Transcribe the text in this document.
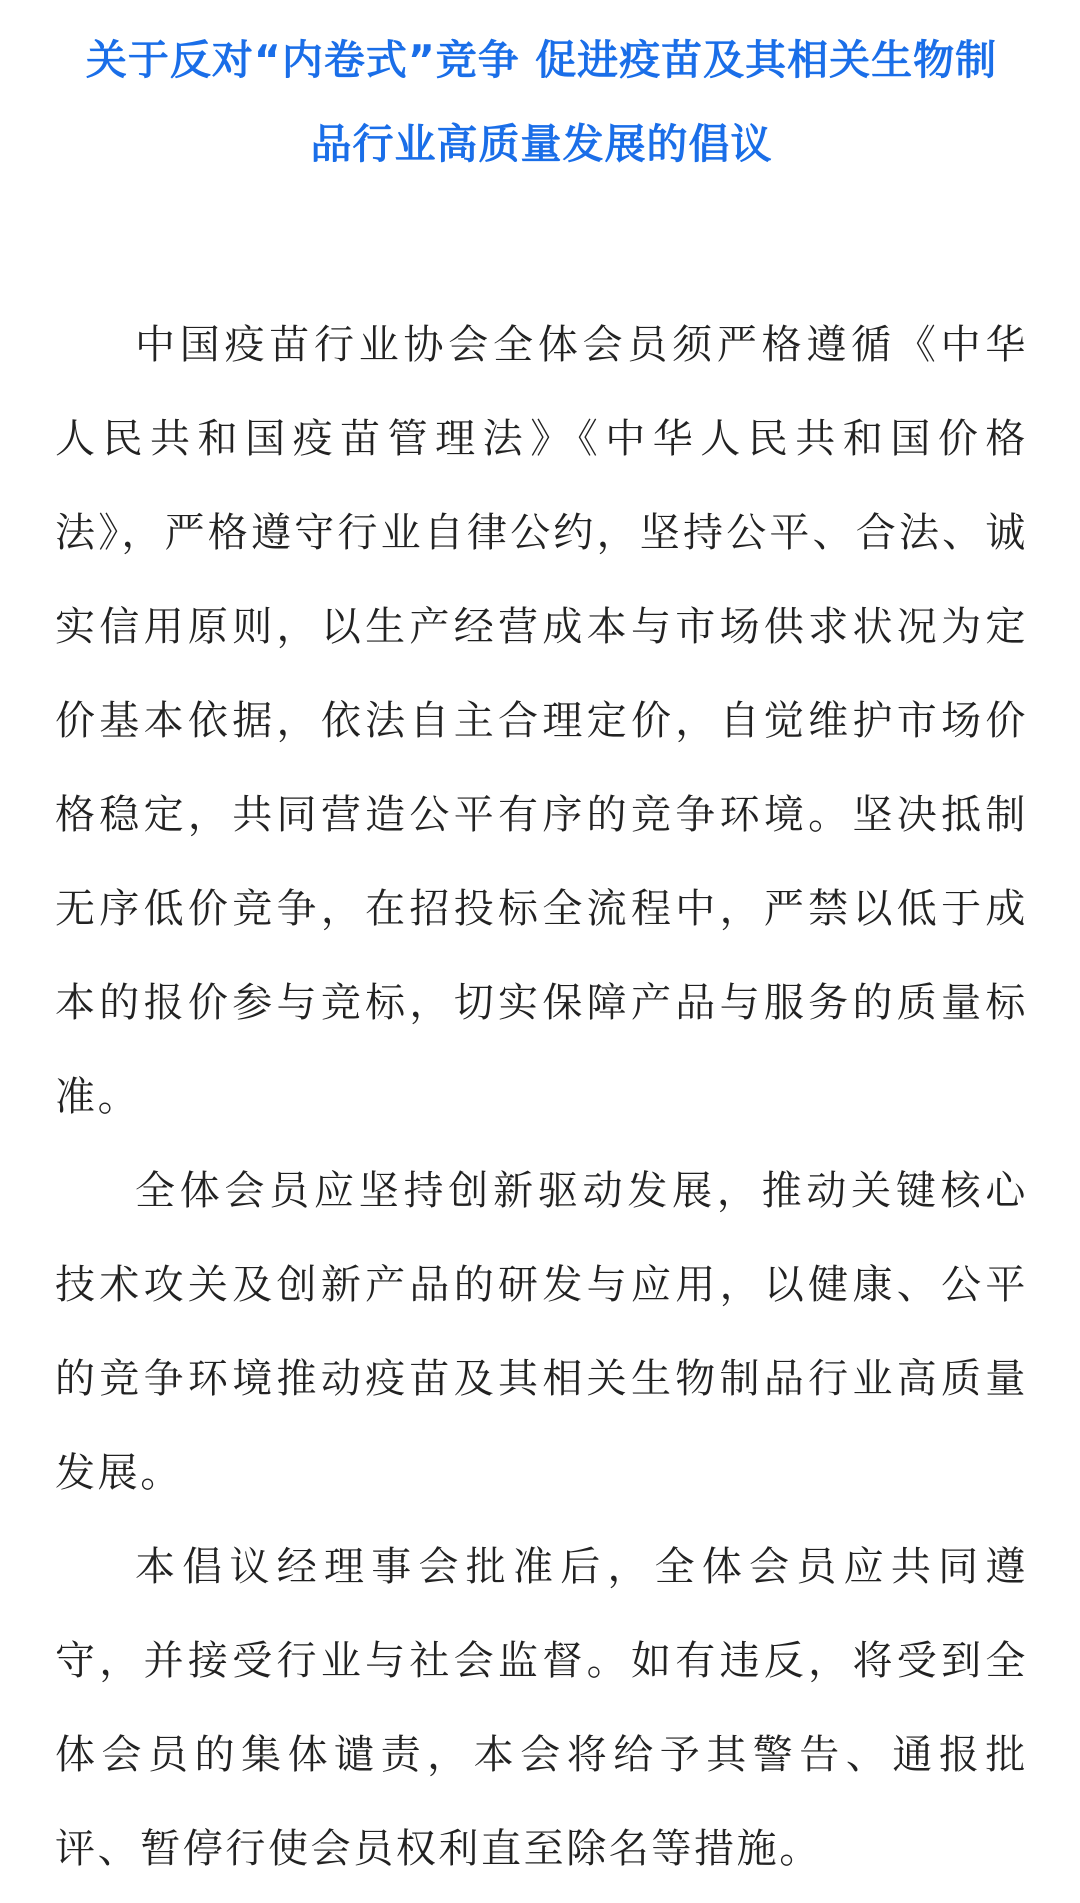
关于反对“内卷式”竞争 促进疫苗及其相关生物制
品行业高质量发展的倡议

中国疫苗行业协会全体会员须严格遵循《中华人民共和国疫苗管理法》《中华人民共和国价格法》，严格遵守行业自律公约，坚持公平、合法、诚实信用原则，以生产经营成本与市场供求状况为定价基本依据，依法自主合理定价，自觉维护市场价格稳定，共同营造公平有序的竞争环境。坚决抵制无序低价竞争，在招投标全流程中，严禁以低于成本的报价参与竞标，切实保障产品与服务的质量标准。

全体会员应坚持创新驱动发展，推动关键核心技术攻关及创新产品的研发与应用，以健康、公平的竞争环境推动疫苗及其相关生物制品行业高质量发展。

本倡议经理事会批准后，全体会员应共同遵守，并接受行业与社会监督。如有违反，将受到全体会员的集体谴责，本会将给予其警告、通报批评、暂停行使会员权利直至除名等措施。
